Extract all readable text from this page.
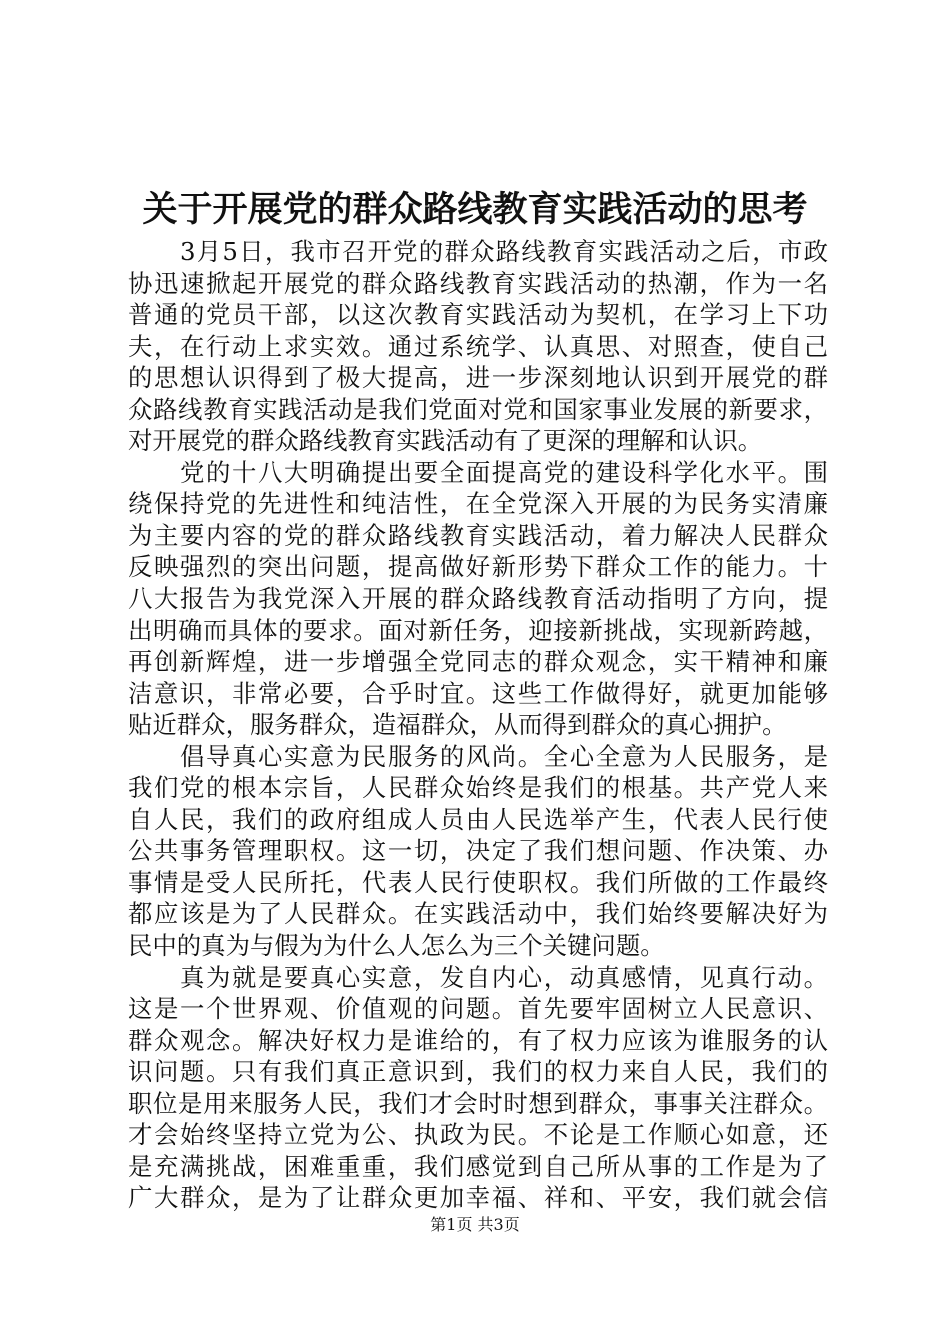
关于开展党的群众路线教育实践活动的思考
3月5日，我市召开党的群众路线教育实践活动之后，市政
协迅速掀起开展党的群众路线教育实践活动的热潮，作为一名
普通的党员干部，以这次教育实践活动为契机，在学习上下功
夫，在行动上求实效。通过系统学、认真思、对照查，使自己
的思想认识得到了极大提高，进一步深刻地认识到开展党的群
众路线教育实践活动是我们党面对党和国家事业发展的新要求，
对开展党的群众路线教育实践活动有了更深的理解和认识。
党的十八大明确提出要全面提高党的建设科学化水平。围
绕保持党的先进性和纯洁性，在全党深入开展的为民务实清廉
为主要内容的党的群众路线教育实践活动，着力解决人民群众
反映强烈的突出问题，提高做好新形势下群众工作的能力。十
八大报告为我党深入开展的群众路线教育活动指明了方向，提
出明确而具体的要求。面对新任务，迎接新挑战，实现新跨越，
再创新辉煌，进一步增强全党同志的群众观念，实干精神和廉
洁意识，非常必要，合乎时宜。这些工作做得好，就更加能够
贴近群众，服务群众，造福群众，从而得到群众的真心拥护。
倡导真心实意为民服务的风尚。全心全意为人民服务，是
我们党的根本宗旨，人民群众始终是我们的根基。共产党人来
自人民，我们的政府组成人员由人民选举产生，代表人民行使
公共事务管理职权。这一切，决定了我们想问题、作决策、办
事情是受人民所托，代表人民行使职权。我们所做的工作最终
都应该是为了人民群众。在实践活动中，我们始终要解决好为
民中的真为与假为为什么人怎么为三个关键问题。
真为就是要真心实意，发自内心，动真感情，见真行动。
这是一个世界观、价值观的问题。首先要牢固树立人民意识、
群众观念。解决好权力是谁给的，有了权力应该为谁服务的认
识问题。只有我们真正意识到，我们的权力来自人民，我们的
职位是用来服务人民，我们才会时时想到群众，事事关注群众。
才会始终坚持立党为公、执政为民。不论是工作顺心如意，还
是充满挑战，困难重重，我们感觉到自己所从事的工作是为了
广大群众，是为了让群众更加幸福、祥和、平安，我们就会信
第1页 共3页
